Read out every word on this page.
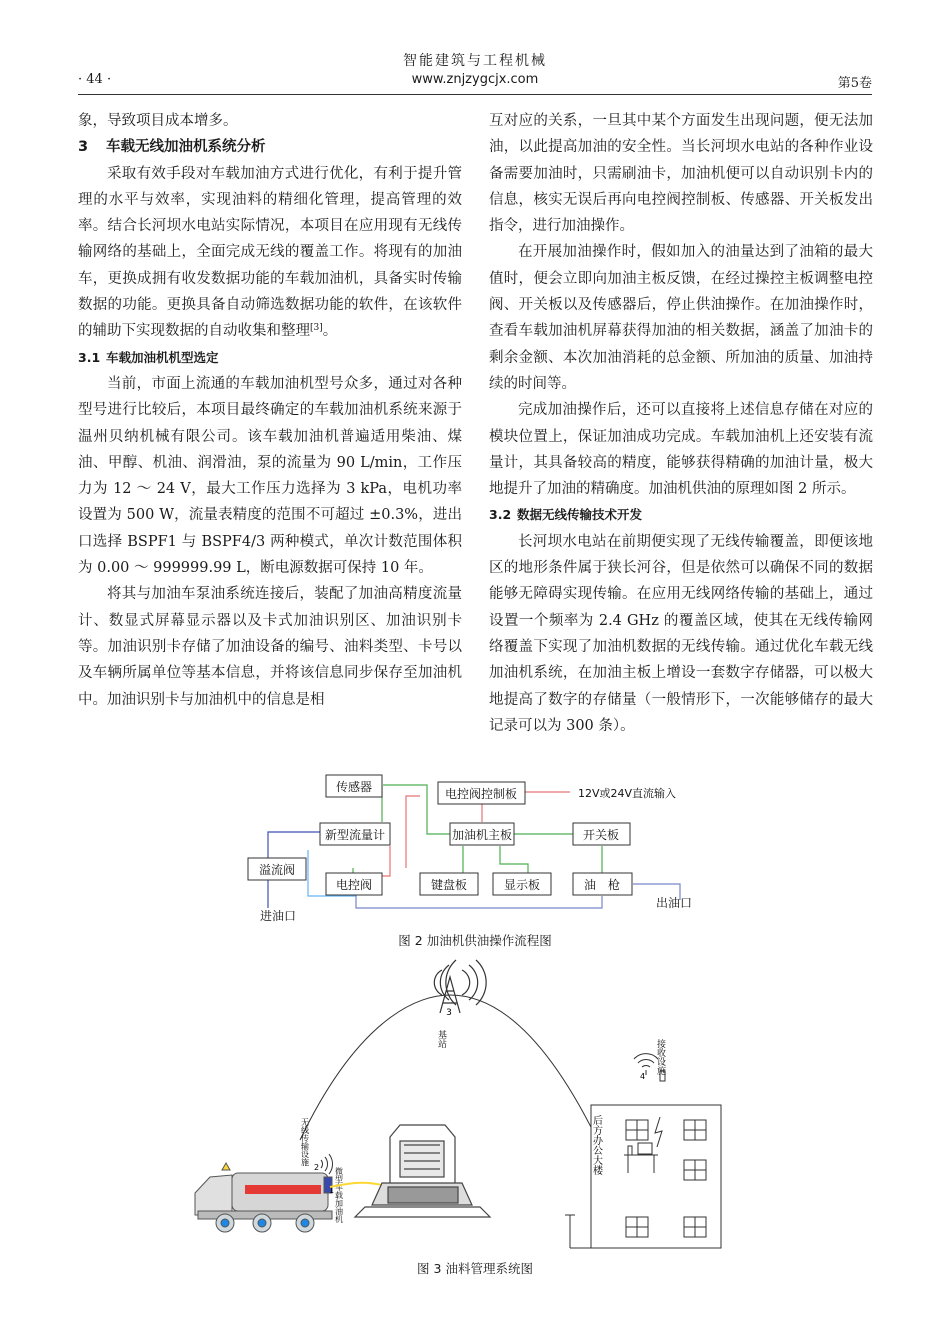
智能建筑与工程机械
· 44 ·	www.znjzygcjx.com	第5卷

象，导致项目成本增多。

3 车载无线加油机系统分析

采取有效手段对车载加油方式进行优化，有利于提升管理的水平与效率，实现油料的精细化管理，提高管理的效率。结合长河坝水电站实际情况，本项目在应用现有无线传输网络的基础上，全面完成无线的覆盖工作。将现有的加油车，更换成拥有收发数据功能的车载加油机，具备实时传输数据的功能。更换具备自动筛选数据功能的软件，在该软件的辅助下实现数据的自动收集和整理[3]。

3.1 车载加油机机型选定

当前，市面上流通的车载加油机型号众多，通过对各种型号进行比较后，本项目最终确定的车载加油机系统来源于温州贝纳机械有限公司。该车载加油机普遍适用柴油、煤油、甲醇、机油、润滑油，泵的流量为 90 L/min，工作压力为 12 ～ 24 V，最大工作压力选择为 3 kPa，电机功率设置为 500 W，流量表精度的范围不可超过 ±0.3%，进出口选择 BSPF1 与 BSPF4/3 两种模式，单次计数范围体积为 0.00 ～ 999999.99 L，断电源数据可保持 10 年。

将其与加油车泵油系统连接后，装配了加油高精度流量计、数显式屏幕显示器以及卡式加油识别区、加油识别卡等。加油识别卡存储了加油设备的编号、油料类型、卡号以及车辆所属单位等基本信息，并将该信息同步保存至加油机中。加油识别卡与加油机中的信息是相

互对应的关系，一旦其中某个方面发生出现问题，便无法加油，以此提高加油的安全性。当长河坝水电站的各种作业设备需要加油时，只需刷油卡，加油机便可以自动识别卡内的信息，核实无误后再向电控阀控制板、传感器、开关板发出指令，进行加油操作。

在开展加油操作时，假如加入的油量达到了油箱的最大值时，便会立即向加油主板反馈，在经过操控主板调整电控阀、开关板以及传感器后，停止供油操作。在加油操作时，查看车载加油机屏幕获得加油的相关数据，涵盖了加油卡的剩余金额、本次加油消耗的总金额、所加油的质量、加油持续的时间等。

完成加油操作后，还可以直接将上述信息存储在对应的模块位置上，保证加油成功完成。车载加油机上还安装有流量计，其具备较高的精度，能够获得精确的加油计量，极大地提升了加油的精确度。加油机供油的原理如图 2 所示。

3.2 数据无线传输技术开发

长河坝水电站在前期便实现了无线传输覆盖，即便该地区的地形条件属于狭长河谷，但是依然可以确保不同的数据能够无障碍实现传输。在应用无线网络传输的基础上，通过设置一个频率为 2.4 GHz 的覆盖区域，使其在无线传输网络覆盖下实现了加油机数据的无线传输。通过优化车载无线加油机系统，在加油主板上增设一套数字存储器，可以极大地提高了数字的存储量（一般情形下，一次能够储存的最大记录可以为 300 条）。

传感器	电控阀控制板
新型流量计	加油机主板	开关板
溢流阀
电控阀	键盘板	显示板	油　枪
12V或24V直流输入
进油口
出油口
图 2 加油机供油操作流程图
3
基站
后方办公大楼
4
接收设施
2
无线传输设施
1 微型车载加油机
图 3 油料管理系统图
